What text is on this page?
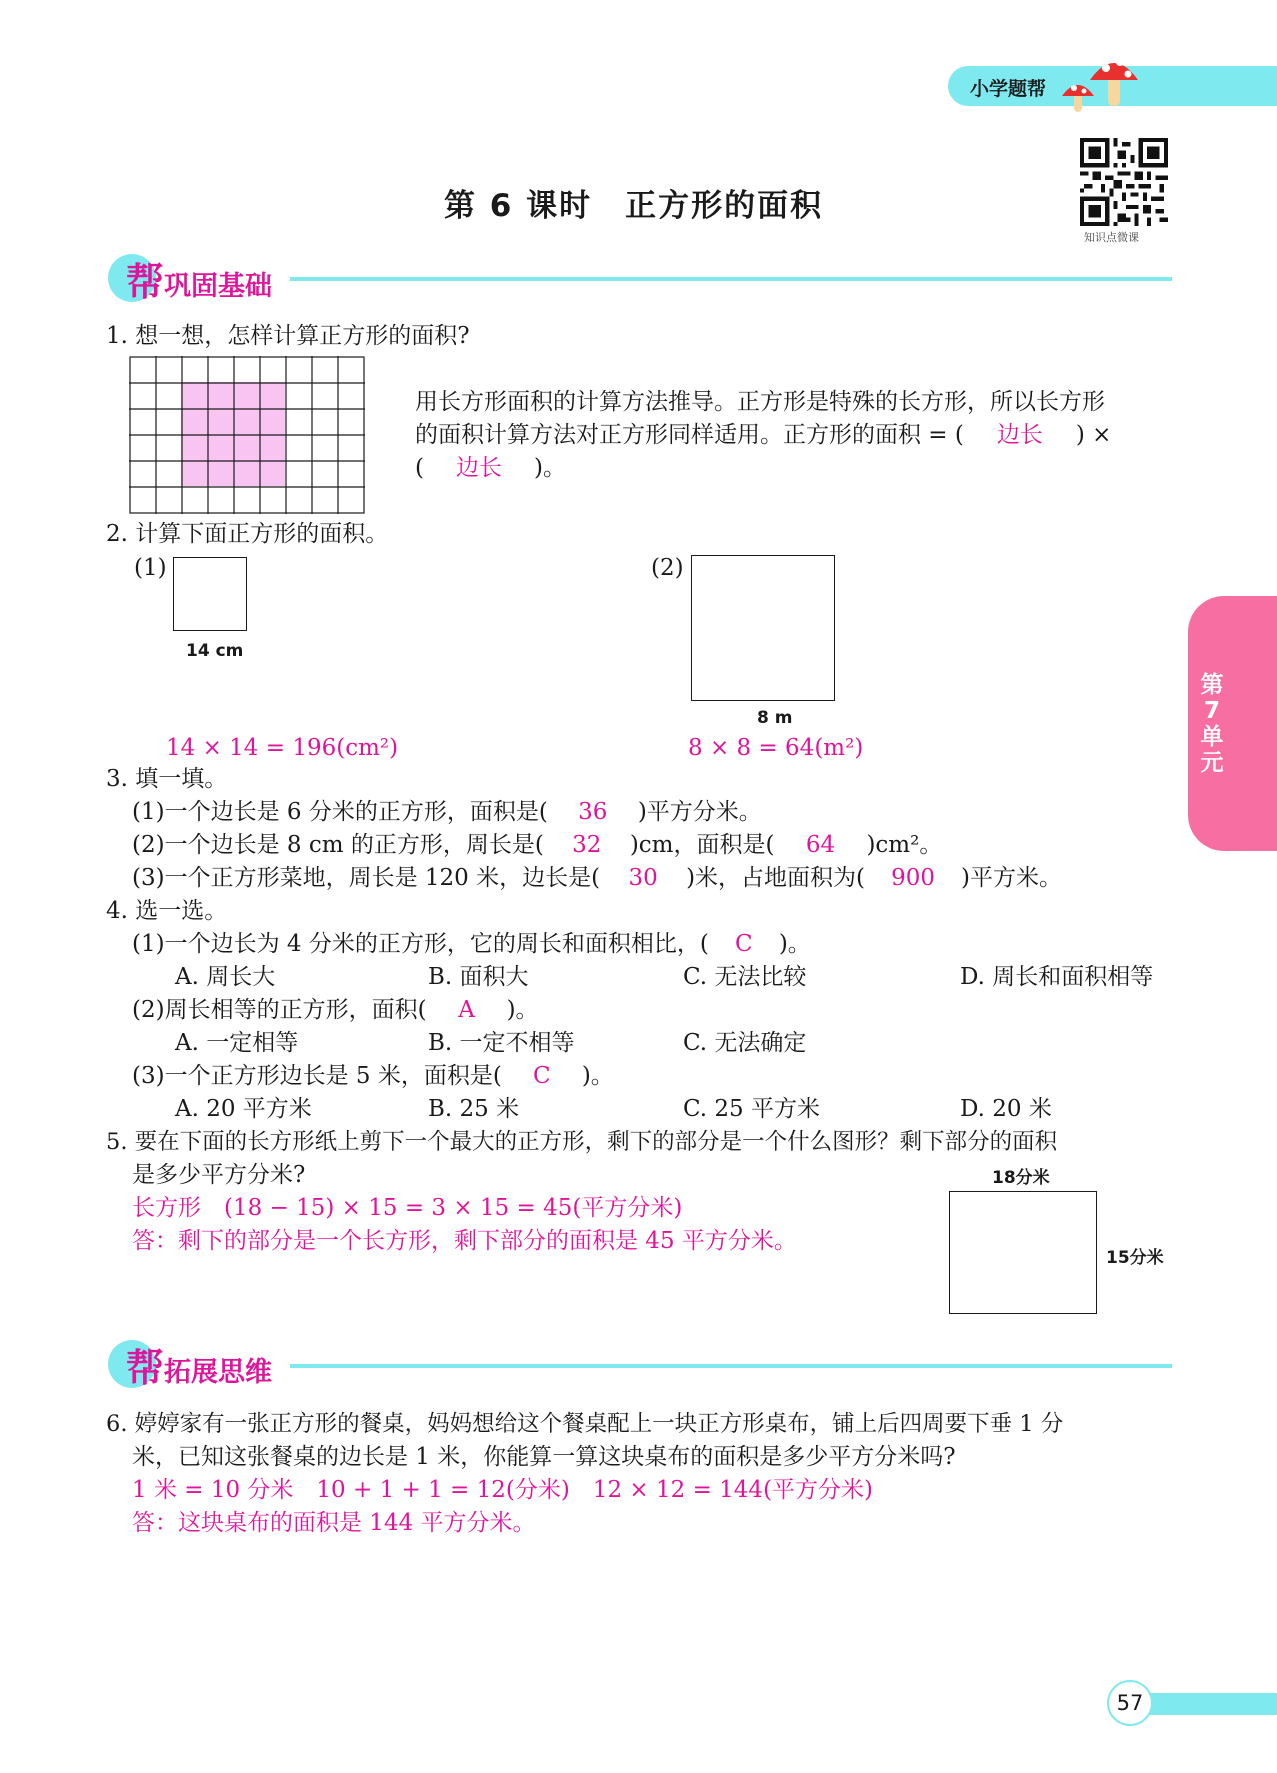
小学题帮
第 6 课时　正方形的面积
知识点微课
帮巩固基础
1. 想一想，怎样计算正方形的面积?
用长方形面积的计算方法推导。正方形是特殊的长方形，所以长方形
的面积计算方法对正方形同样适用。正方形的面积 = ( 边长 ) ×
( 边长 )。
2. 计算下面正方形的面积。
(1)
14 cm
14 × 14 = 196(cm²)
(2)
8 m
8 × 8 = 64(m²)
第7单元
3. 填一填。
(1)一个边长是 6 分米的正方形，面积是( 36 )平方分米。
(2)一个边长是 8 cm 的正方形，周长是( 32 )cm，面积是( 64 )cm²。
(3)一个正方形菜地，周长是 120 米，边长是( 30 )米，占地面积为( 900 )平方米。
4. 选一选。
(1)一个边长为 4 分米的正方形，它的周长和面积相比，( C )。
A. 周长大	B. 面积大	C. 无法比较	D. 周长和面积相等
(2)周长相等的正方形，面积( A )。
A. 一定相等	B. 一定不相等	C. 无法确定
(3)一个正方形边长是 5 米，面积是( C )。
A. 20 平方米	B. 25 米	C. 25 平方米	D. 20 米
5. 要在下面的长方形纸上剪下一个最大的正方形，剩下的部分是一个什么图形？剩下部分的面积
是多少平方分米?	18分米
15分米
长方形　(18 − 15) × 15 = 3 × 15 = 45(平方分米)
答：剩下的部分是一个长方形，剩下部分的面积是 45 平方分米。
帮拓展思维
6. 婷婷家有一张正方形的餐桌，妈妈想给这个餐桌配上一块正方形桌布，铺上后四周要下垂 1 分
米，已知这张餐桌的边长是 1 米，你能算一算这块桌布的面积是多少平方分米吗?
1 米 = 10 分米　10 + 1 + 1 = 12(分米)　12 × 12 = 144(平方分米)
答：这块桌布的面积是 144 平方分米。
57
